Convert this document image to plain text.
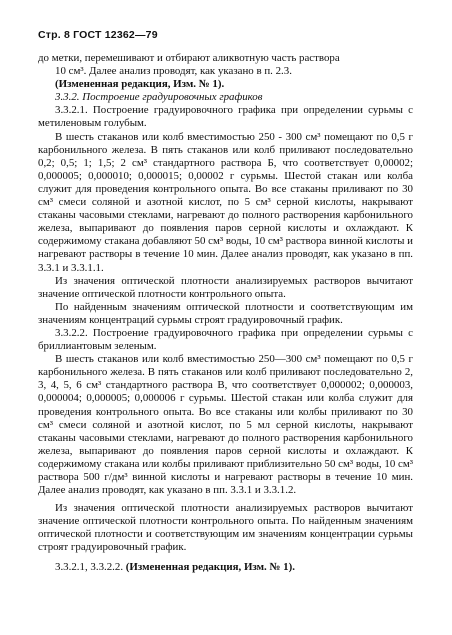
Стр. 8 ГОСТ 12362—79

до метки, перемешивают и отбирают аликвотную часть раствора

10 см³. Далее анализ проводят, как указано в п. 2.3.

(Измененная редакция, Изм. № 1).

3.3.2. Построение градуировочных графиков

3.3.2.1. Построение градуировочного графика при определении сурьмы с метиленовым голубым.

В шесть стаканов или колб вместимостью 250 - 300 см³ помещают по 0,5 г карбонильного железа. В пять стаканов или колб приливают последовательно 0,2; 0,5; 1; 1,5; 2 см³ стандартного раствора Б, что соответствует 0,00002; 0,000005; 0,000010; 0,000015; 0,00002 г сурьмы. Шестой стакан или колба служит для проведения контрольного опыта. Во все стаканы приливают по 30 см³ смеси соляной и азотной кислот, по 5 см³ серной кислоты, накрывают стаканы часовыми стеклами, нагревают до полного растворения карбонильного железа, выпаривают до появления паров серной кислоты и охлаждают. К содержимому стакана добавляют 50 см³ воды, 10 см³ раствора винной кислоты и нагревают растворы в течение 10 мин. Далее анализ проводят, как указано в пп. 3.3.1 и 3.3.1.1.

Из значения оптической плотности анализируемых растворов вычитают значение оптической плотности контрольного опыта.

По найденным значениям оптической плотности и соответствующим им значениям концентраций сурьмы строят градуировочный график.

3.3.2.2. Построение градуировочного графика при определении сурьмы с бриллиантовым зеленым.

В шесть стаканов или колб вместимостью 250—300 см³ помещают по 0,5 г карбонильного железа. В пять стаканов или колб приливают последовательно 2, 3, 4, 5, 6 см³ стандартного раствора В, что соответствует 0,000002; 0,000003, 0,000004; 0,000005; 0,000006 г сурьмы. Шестой стакан или колба служит для проведения контрольного опыта. Во все стаканы или колбы приливают по 30 см³ смеси соляной и азотной кислот, по 5 мл серной кислоты, накрывают стаканы часовыми стеклами, нагревают до полного растворения карбонильного железа, выпаривают до появления паров серной кислоты и охлаждают. К содержимому стакана или колбы приливают приблизительно 50 см³ воды, 10 см³ раствора 500 г/дм³ винной кислоты и нагревают растворы в течение 10 мин. Далее анализ проводят, как указано в пп. 3.3.1 и 3.3.1.2.

Из значения оптической плотности анализируемых растворов вычитают значение оптической плотности контрольного опыта. По найденным значениям оптической плотности и соответствующим им значениям концентрации сурьмы строят градуировочный график.

3.3.2.1, 3.3.2.2. (Измененная редакция, Изм. № 1).
